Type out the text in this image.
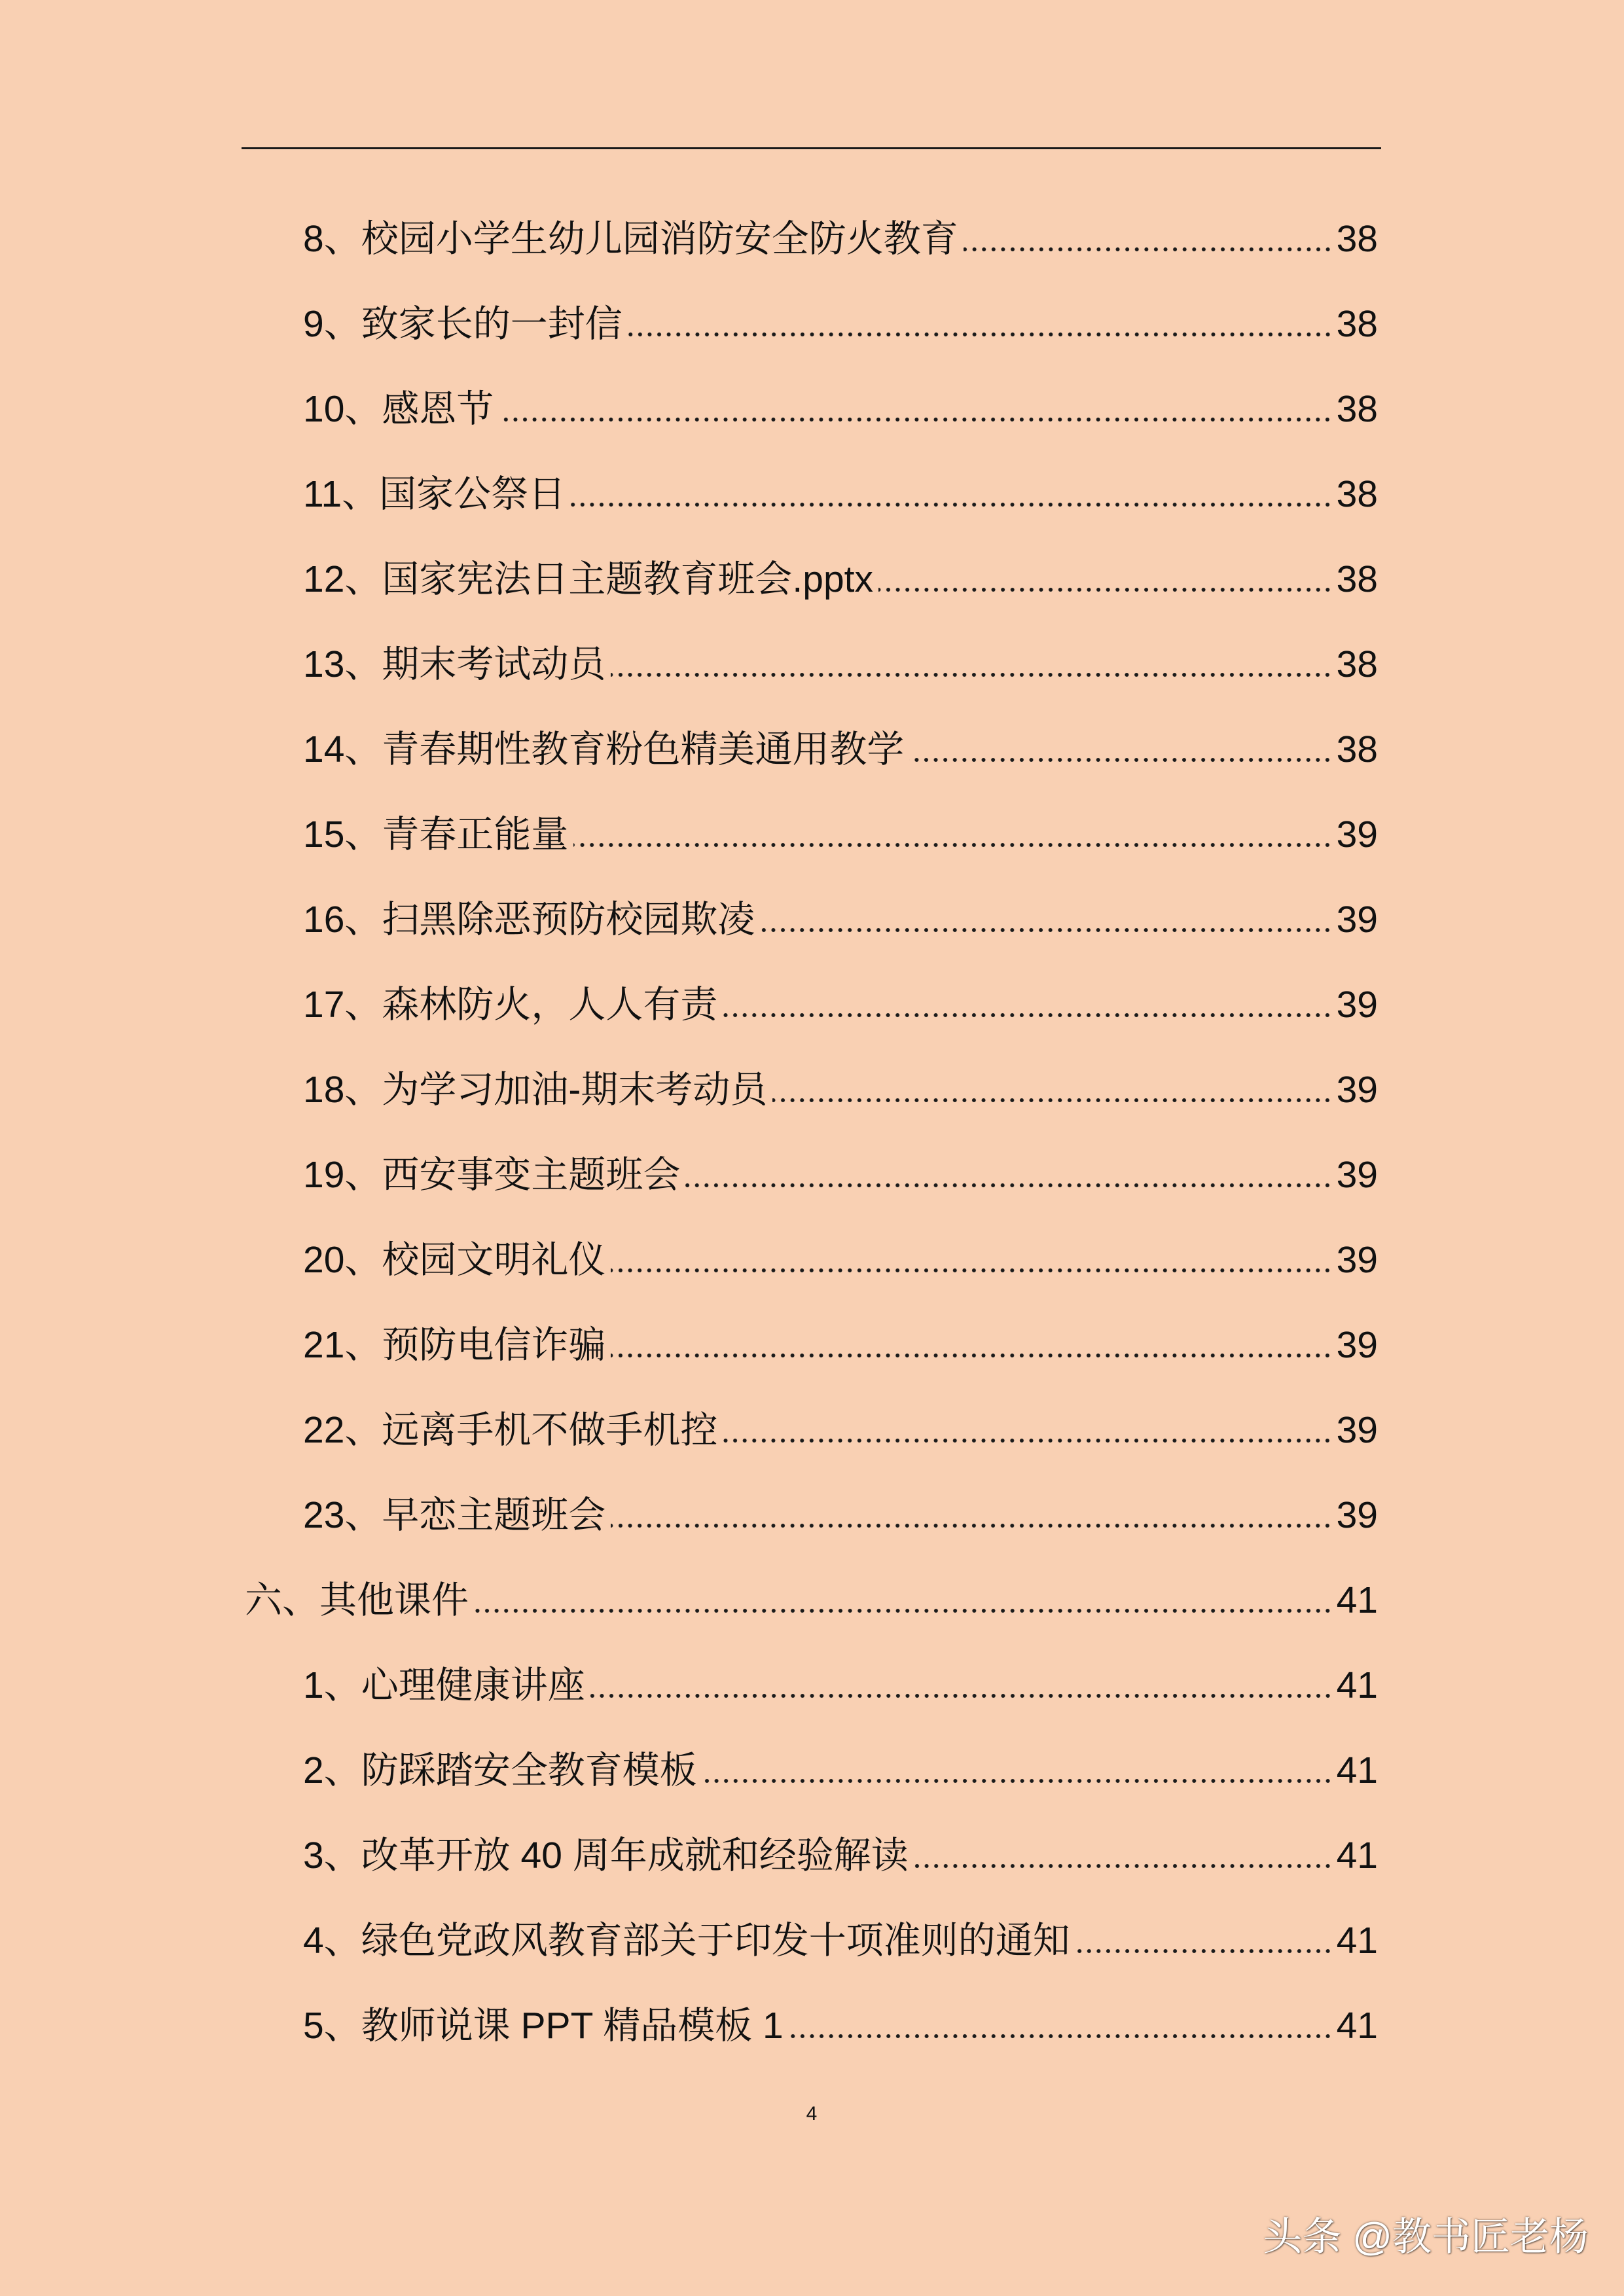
8、校园小学生幼儿园消防安全防火教育	38
9、致家长的一封信	38
10、感恩节	38
11、国家公祭日	38
12、国家宪法日主题教育班会.pptx	38
13、期末考试动员	38
14、青春期性教育粉色精美通用教学	38
15、青春正能量	39
16、扫黑除恶预防校园欺凌	39
17、森林防火，人人有责	39
18、为学习加油-期末考动员	39
19、西安事变主题班会	39
20、校园文明礼仪	39
21、预防电信诈骗	39
22、远离手机不做手机控	39
23、早恋主题班会	39
六、其他课件	41
1、心理健康讲座	41
2、防踩踏安全教育模板	41
3、改革开放 40 周年成就和经验解读	41
4、绿色党政风教育部关于印发十项准则的通知	41
5、教师说课 PPT 精品模板 1	41
4
头条 @教书匠老杨
